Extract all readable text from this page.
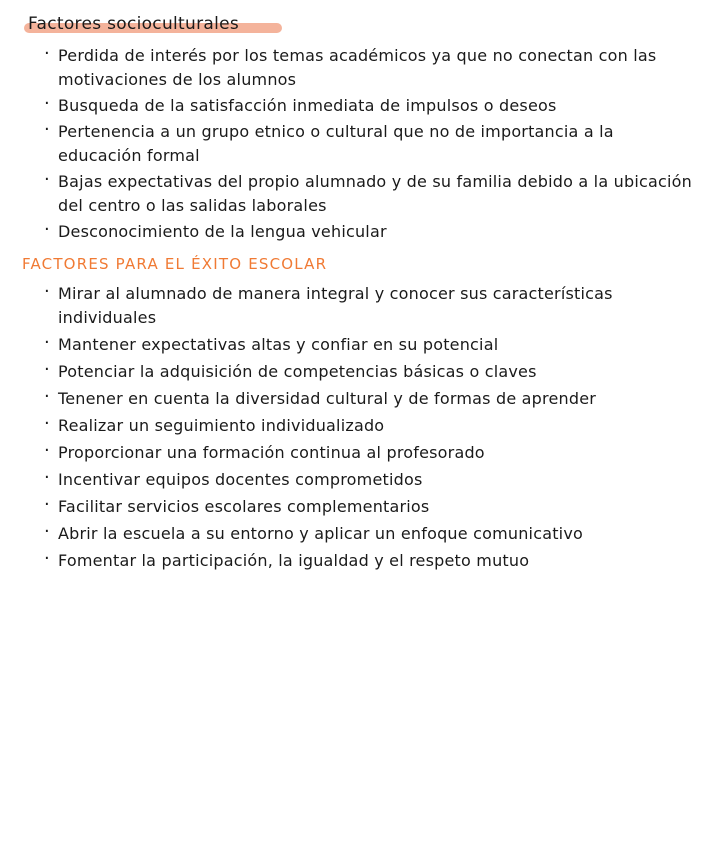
Factores socioculturales
· Perdida de interés por los temas académicos ya que no conectan con las motivaciones de los alumnos
· Busqueda de la satisfacción inmediata de impulsos o deseos
· Pertenencia a un grupo etnico o cultural que no de importancia a la educación formal
· Bajas expectativas del propio alumnado y de su familia debido a la ubicación del centro o las salidas laborales
· Desconocimiento de la lengua vehicular
FACTORES PARA EL ÉXITO ESCOLAR
· Mirar al alumnado de manera integral y conocer sus características individuales
· Mantener expectativas altas y confiar en su potencial
· Potenciar la adquisición de competencias básicas o claves
· Tenener en cuenta la diversidad cultural y de formas de aprender
· Realizar un seguimiento individualizado
· Proporcionar una formación continua al profesorado
· Incentivar equipos docentes comprometidos
· Facilitar servicios escolares complementarios
· Abrir la escuela a su entorno y aplicar un enfoque comunicativo
· Fomentar la participación, la igualdad y el respeto mutuo
